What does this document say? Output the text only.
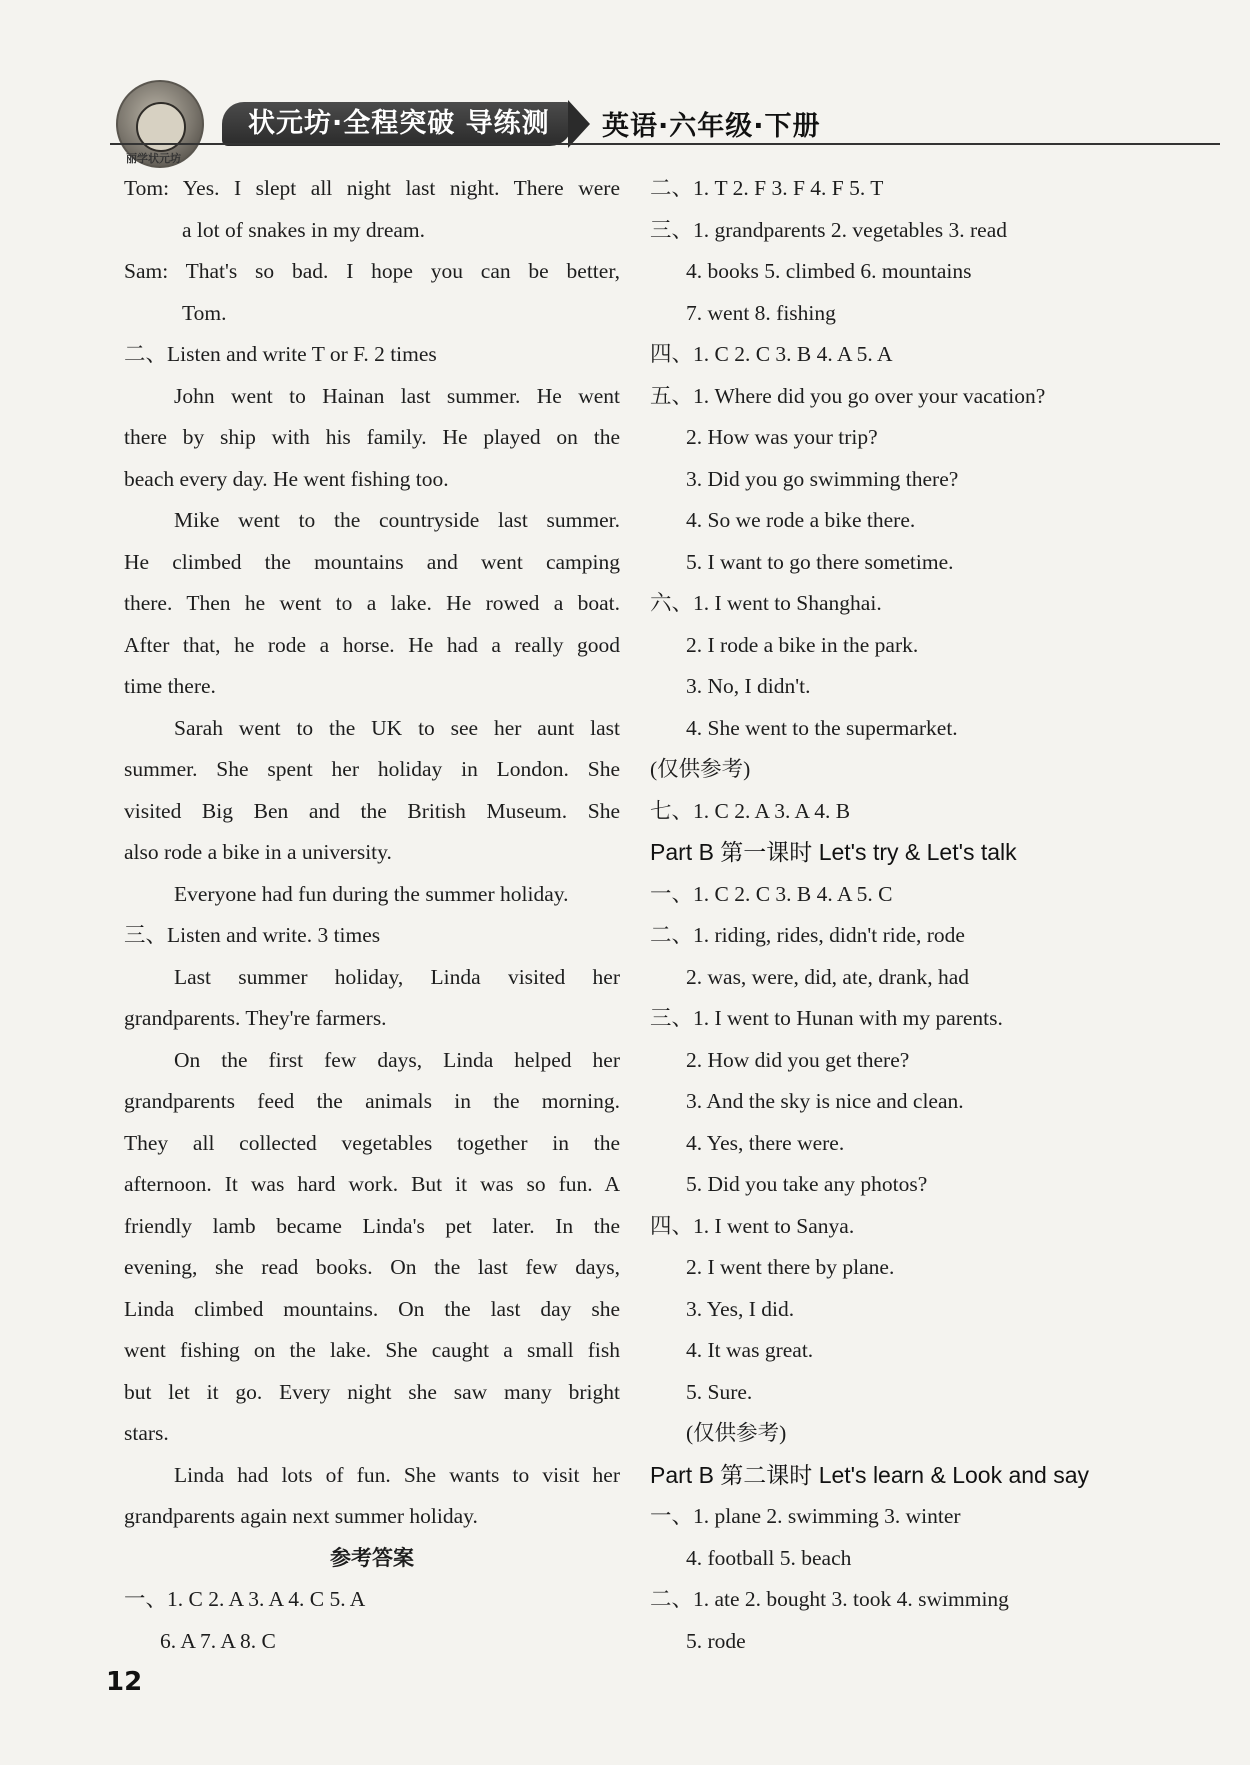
丽学状元坊
状元坊·全程突破 导练测	英语·六年级·下册
Tom: Yes. I slept all night last night. There were
a lot of snakes in my dream.
Sam: That's so bad. I hope you can be better,
Tom.
二、Listen and write T or F. 2 times
John went to Hainan last summer. He went
there by ship with his family. He played on the
beach every day. He went fishing too.
Mike went to the countryside last summer.
He climbed the mountains and went camping
there. Then he went to a lake. He rowed a boat.
After that, he rode a horse. He had a really good
time there.
Sarah went to the UK to see her aunt last
summer. She spent her holiday in London. She
visited Big Ben and the British Museum. She
also rode a bike in a university.
Everyone had fun during the summer holiday.
三、Listen and write. 3 times
Last summer holiday, Linda visited her
grandparents. They're farmers.
On the first few days, Linda helped her
grandparents feed the animals in the morning.
They all collected vegetables together in the
afternoon. It was hard work. But it was so fun. A
friendly lamb became Linda's pet later. In the
evening, she read books. On the last few days,
Linda climbed mountains. On the last day she
went fishing on the lake. She caught a small fish
but let it go. Every night she saw many bright
stars.
Linda had lots of fun. She wants to visit her
grandparents again next summer holiday.
参考答案
一、1. C 2. A 3. A 4. C 5. A
6. A 7. A 8. C
二、1. T 2. F 3. F 4. F 5. T
三、1. grandparents 2. vegetables 3. read
4. books 5. climbed 6. mountains
7. went 8. fishing
四、1. C 2. C 3. B 4. A 5. A
五、1. Where did you go over your vacation?
2. How was your trip?
3. Did you go swimming there?
4. So we rode a bike there.
5. I want to go there sometime.
六、1. I went to Shanghai.
2. I rode a bike in the park.
3. No, I didn't.
4. She went to the supermarket.
(仅供参考)
七、1. C 2. A 3. A 4. B
Part B 第一课时 Let's try & Let's talk
一、1. C 2. C 3. B 4. A 5. C
二、1. riding, rides, didn't ride, rode
2. was, were, did, ate, drank, had
三、1. I went to Hunan with my parents.
2. How did you get there?
3. And the sky is nice and clean.
4. Yes, there were.
5. Did you take any photos?
四、1. I went to Sanya.
2. I went there by plane.
3. Yes, I did.
4. It was great.
5. Sure.
(仅供参考)
Part B 第二课时 Let's learn & Look and say
一、1. plane 2. swimming 3. winter
4. football 5. beach
二、1. ate 2. bought 3. took 4. swimming
5. rode
12
